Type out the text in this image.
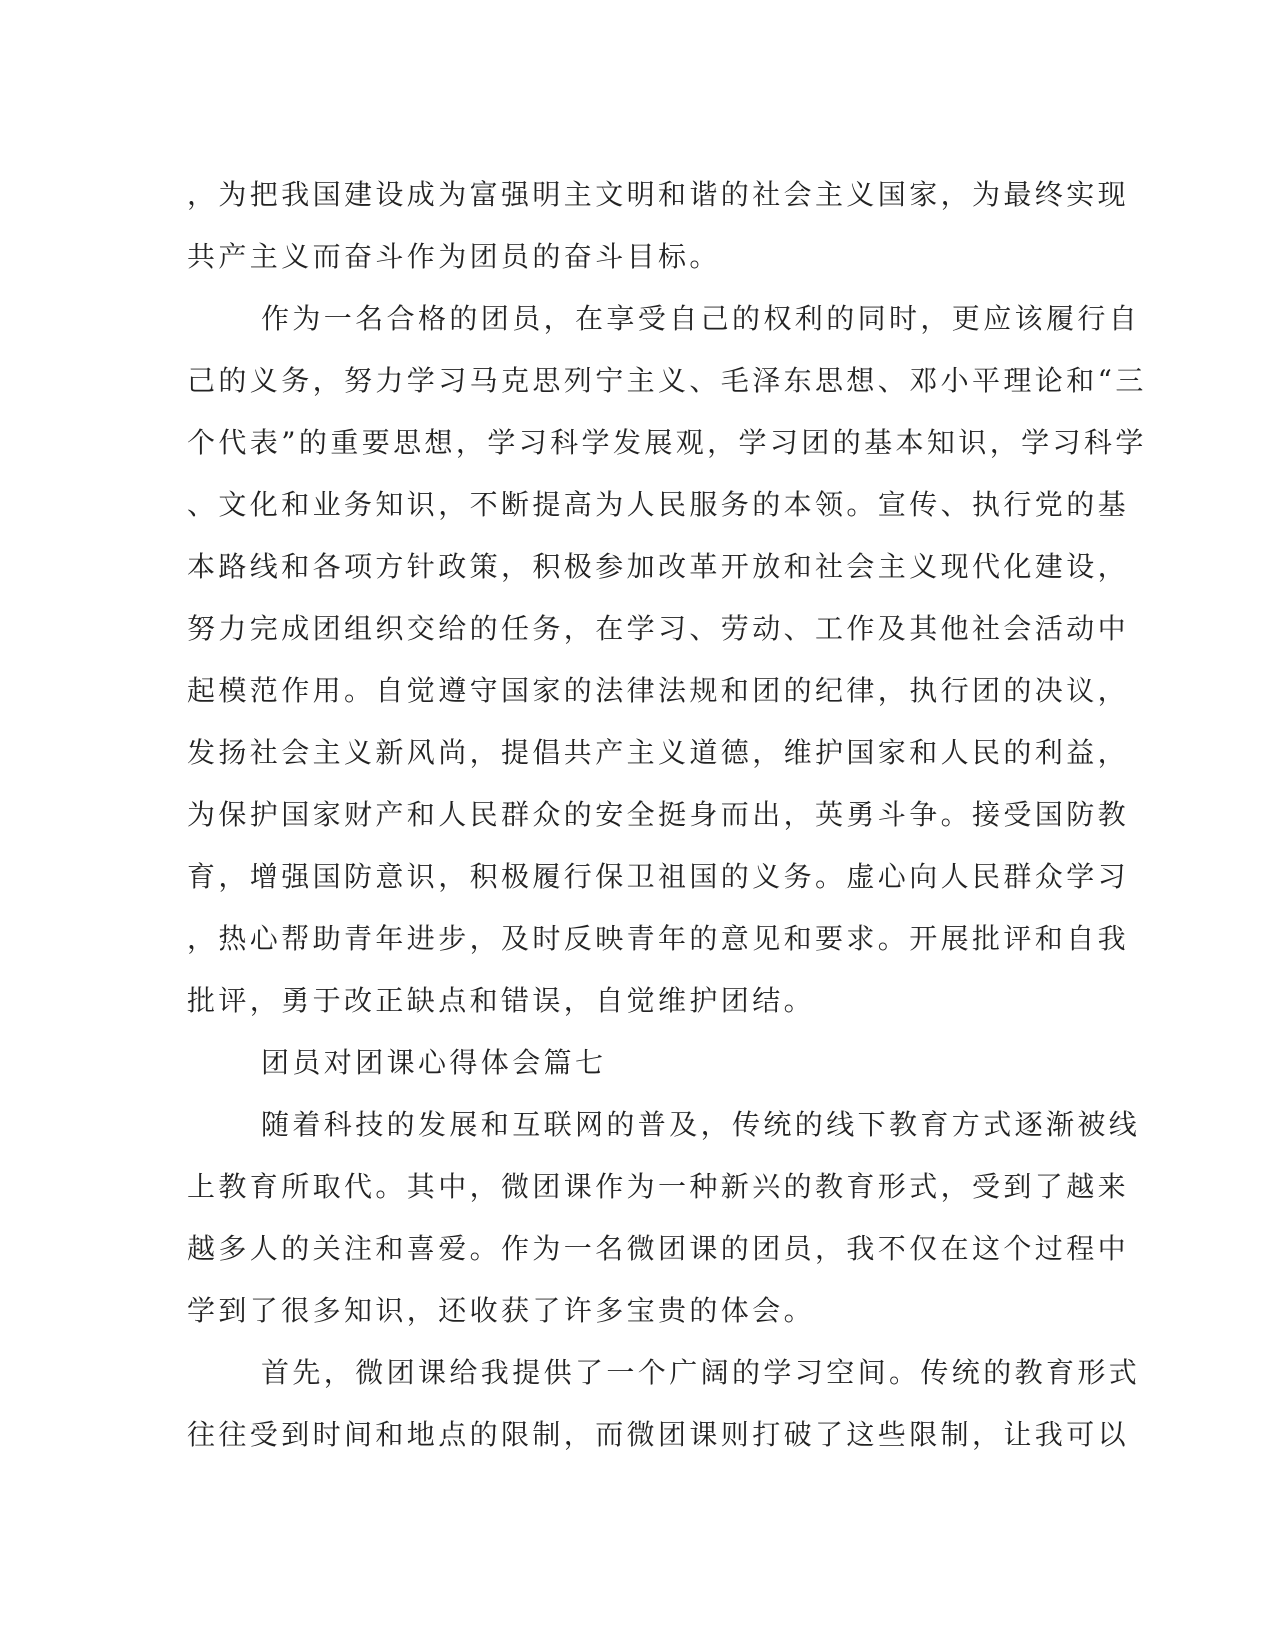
，为把我国建设成为富强明主文明和谐的社会主义国家，为最终实现
共产主义而奋斗作为团员的奋斗目标。
作为一名合格的团员，在享受自己的权利的同时，更应该履行自
己的义务，努力学习马克思列宁主义、毛泽东思想、邓小平理论和“三
个代表”的重要思想，学习科学发展观，学习团的基本知识，学习科学
、文化和业务知识，不断提高为人民服务的本领。宣传、执行党的基
本路线和各项方针政策，积极参加改革开放和社会主义现代化建设，
努力完成团组织交给的任务，在学习、劳动、工作及其他社会活动中
起模范作用。自觉遵守国家的法律法规和团的纪律，执行团的决议，
发扬社会主义新风尚，提倡共产主义道德，维护国家和人民的利益，
为保护国家财产和人民群众的安全挺身而出，英勇斗争。接受国防教
育，增强国防意识，积极履行保卫祖国的义务。虚心向人民群众学习
，热心帮助青年进步，及时反映青年的意见和要求。开展批评和自我
批评，勇于改正缺点和错误，自觉维护团结。
团员对团课心得体会篇七
随着科技的发展和互联网的普及，传统的线下教育方式逐渐被线
上教育所取代。其中，微团课作为一种新兴的教育形式，受到了越来
越多人的关注和喜爱。作为一名微团课的团员，我不仅在这个过程中
学到了很多知识，还收获了许多宝贵的体会。
首先，微团课给我提供了一个广阔的学习空间。传统的教育形式
往往受到时间和地点的限制，而微团课则打破了这些限制，让我可以
